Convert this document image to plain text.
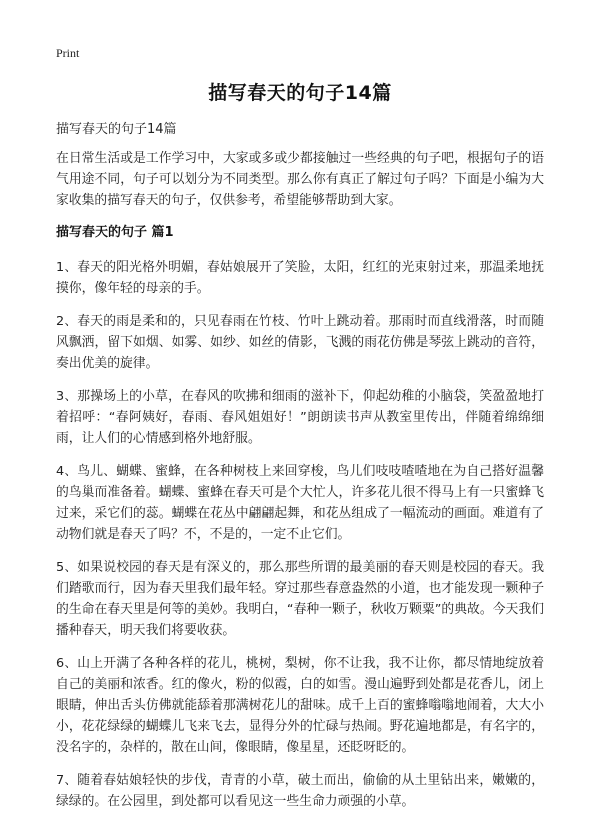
Print
描写春天的句子14篇
描写春天的句子14篇

在日常生活或是工作学习中，大家或多或少都接触过一些经典的句子吧，根据句子的语气用途不同，句子可以划分为不同类型。那么你有真正了解过句子吗？下面是小编为大家收集的描写春天的句子，仅供参考，希望能够帮助到大家。

描写春天的句子 篇1

1、春天的阳光格外明媚，春姑娘展开了笑脸，太阳，红红的光束射过来，那温柔地抚摸你，像年轻的母亲的手。

2、春天的雨是柔和的，只见春雨在竹枝、竹叶上跳动着。那雨时而直线滑落，时而随风飘洒，留下如烟、如雾、如纱、如丝的倩影，飞溅的雨花仿佛是琴弦上跳动的音符，奏出优美的旋律。

3、那操场上的小草，在春风的吹拂和细雨的滋补下，仰起幼稚的小脑袋，笑盈盈地打着招呼：“春阿姨好，春雨、春风姐姐好！”朗朗读书声从教室里传出，伴随着绵绵细雨，让人们的心情感到格外地舒服。

4、鸟儿、蝴蝶、蜜蜂，在各种树枝上来回穿梭，鸟儿们吱吱喳喳地在为自己搭好温馨的鸟巢而准备着。蝴蝶、蜜蜂在春天可是个大忙人，许多花儿很不得马上有一只蜜蜂飞过来，采它们的蕊。蝴蝶在花丛中翩翩起舞，和花丛组成了一幅流动的画面。难道有了动物们就是春天了吗？不，不是的，一定不止它们。

5、如果说校园的春天是有深义的，那么那些所谓的最美丽的春天则是校园的春天。我们踏歌而行，因为春天里我们最年轻。穿过那些春意盎然的小道，也才能发现一颗种子的生命在春天里是何等的美妙。我明白，“春种一颗子，秋收万颗粟”的典故。今天我们播种春天，明天我们将要收获。

6、山上开满了各种各样的花儿，桃树，梨树，你不让我，我不让你，都尽情地绽放着自己的美丽和浓香。红的像火，粉的似霞，白的如雪。漫山遍野到处都是花香儿，闭上眼睛，伸出舌头仿佛就能舔着那满树花儿的甜味。成千上百的蜜蜂嗡嗡地闹着，大大小小，花花绿绿的蝴蝶儿飞来飞去，显得分外的忙碌与热闹。野花遍地都是，有名字的，没名字的，杂样的，散在山间，像眼睛，像星星，还眨呀眨的。

7、随着春姑娘轻快的步伐，青青的小草，破土而出，偷偷的从土里钻出来，嫩嫩的，绿绿的。在公园里，到处都可以看见这一些生命力顽强的小草。
